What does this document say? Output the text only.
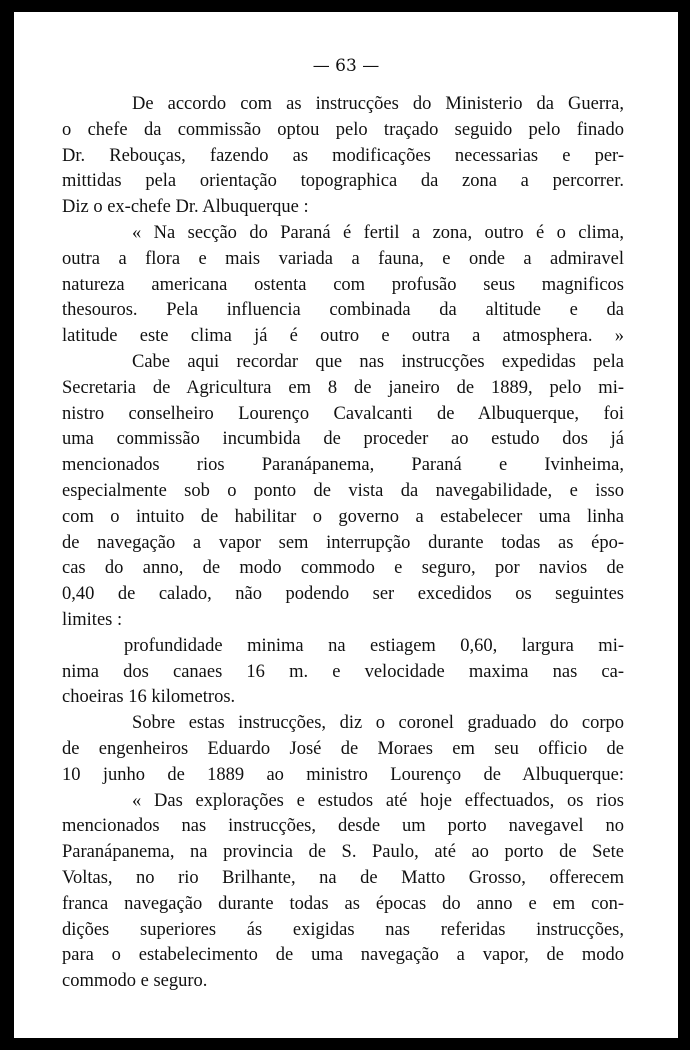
— 63 —

De accordo com as instrucções do Ministerio da Guerra,

o chefe da commissão optou pelo traçado seguido pelo finado

Dr. Rebouças, fazendo as modificações necessarias e per-

mittidas pela orientação topographica da zona a percorrer.

Diz o ex-chefe Dr. Albuquerque :

« Na secção do Paraná é fertil a zona, outro é o clima,

outra a flora e mais variada a fauna, e onde a admiravel

natureza americana ostenta com profusão seus magnificos

thesouros. Pela influencia combinada da altitude e da

latitude este clima já é outro e outra a atmosphera. »

Cabe aqui recordar que nas instrucções expedidas pela

Secretaria de Agricultura em 8 de janeiro de 1889, pelo mi-

nistro conselheiro Lourenço Cavalcanti de Albuquerque, foi

uma commissão incumbida de proceder ao estudo dos já

mencionados rios Paranápanema, Paraná e Ivinheima,

especialmente sob o ponto de vista da navegabilidade, e isso

com o intuito de habilitar o governo a estabelecer uma linha

de navegação a vapor sem interrupção durante todas as épo-

cas do anno, de modo commodo e seguro, por navios de

0,40 de calado, não podendo ser excedidos os seguintes

limites :

profundidade minima na estiagem 0,60, largura mi-

nima dos canaes 16 m. e velocidade maxima nas ca-

choeiras 16 kilometros.

Sobre estas instrucções, diz o coronel graduado do corpo

de engenheiros Eduardo José de Moraes em seu officio de

10 junho de 1889 ao ministro Lourenço de Albuquerque:

« Das explorações e estudos até hoje effectuados, os rios

mencionados nas instrucções, desde um porto navegavel no

Paranápanema, na provincia de S. Paulo, até ao porto de Sete

Voltas, no rio Brilhante, na de Matto Grosso, offerecem

franca navegação durante todas as épocas do anno e em con-

dições superiores ás exigidas nas referidas instrucções,

para o estabelecimento de uma navegação a vapor, de modo

commodo e seguro.
